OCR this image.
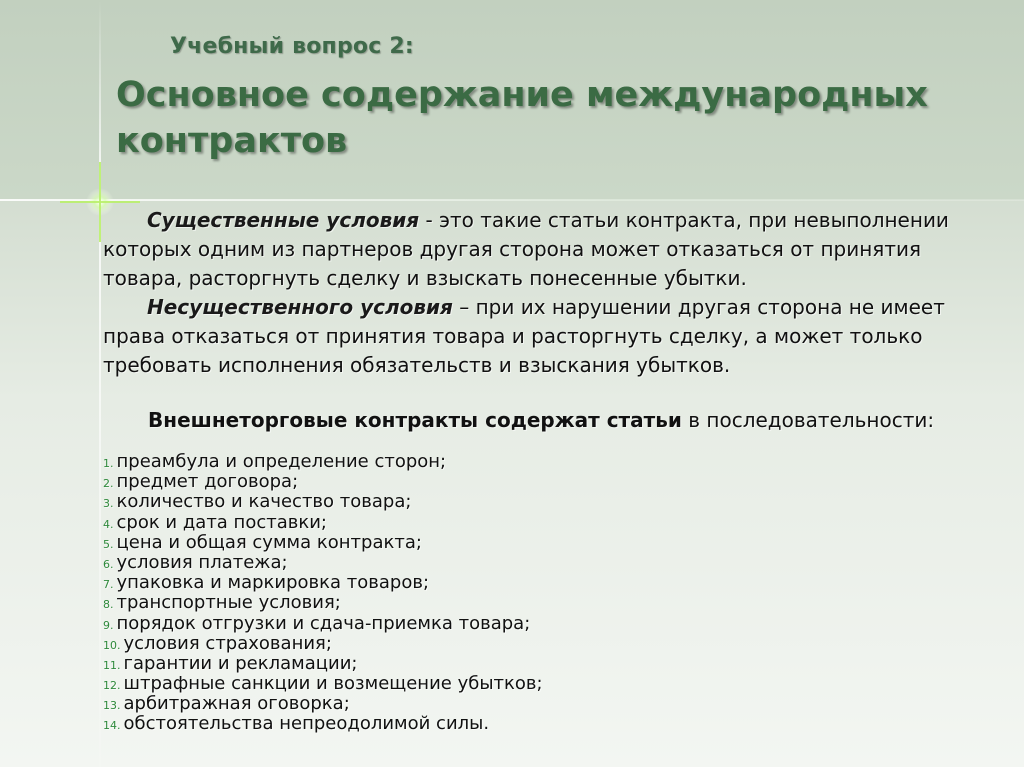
Учебный вопрос 2:
Основное содержание международных контрактов

Существенные условия - это такие статьи контракта, при невыполнении которых одним из партнеров другая сторона может отказаться от принятия товара, расторгнуть сделку и взыскать понесенные убытки.

Несущественного условия – при их нарушении другая сторона не имеет права отказаться от принятия товара и расторгнуть сделку, а может только требовать исполнения обязательств и взыскания убытков.

Внешнеторговые контракты содержат статьи в последовательности:
1. преамбула и определение сторон;
2. предмет договора;
3. количество и качество товара;
4. срок и дата поставки;
5. цена и общая сумма контракта;
6. условия платежа;
7. упаковка и маркировка товаров;
8. транспортные условия;
9. порядок отгрузки и сдача-приемка товара;
10. условия страхования;
11. гарантии и рекламации;
12. штрафные санкции и возмещение убытков;
13. арбитражная оговорка;
14. обстоятельства непреодолимой силы.
